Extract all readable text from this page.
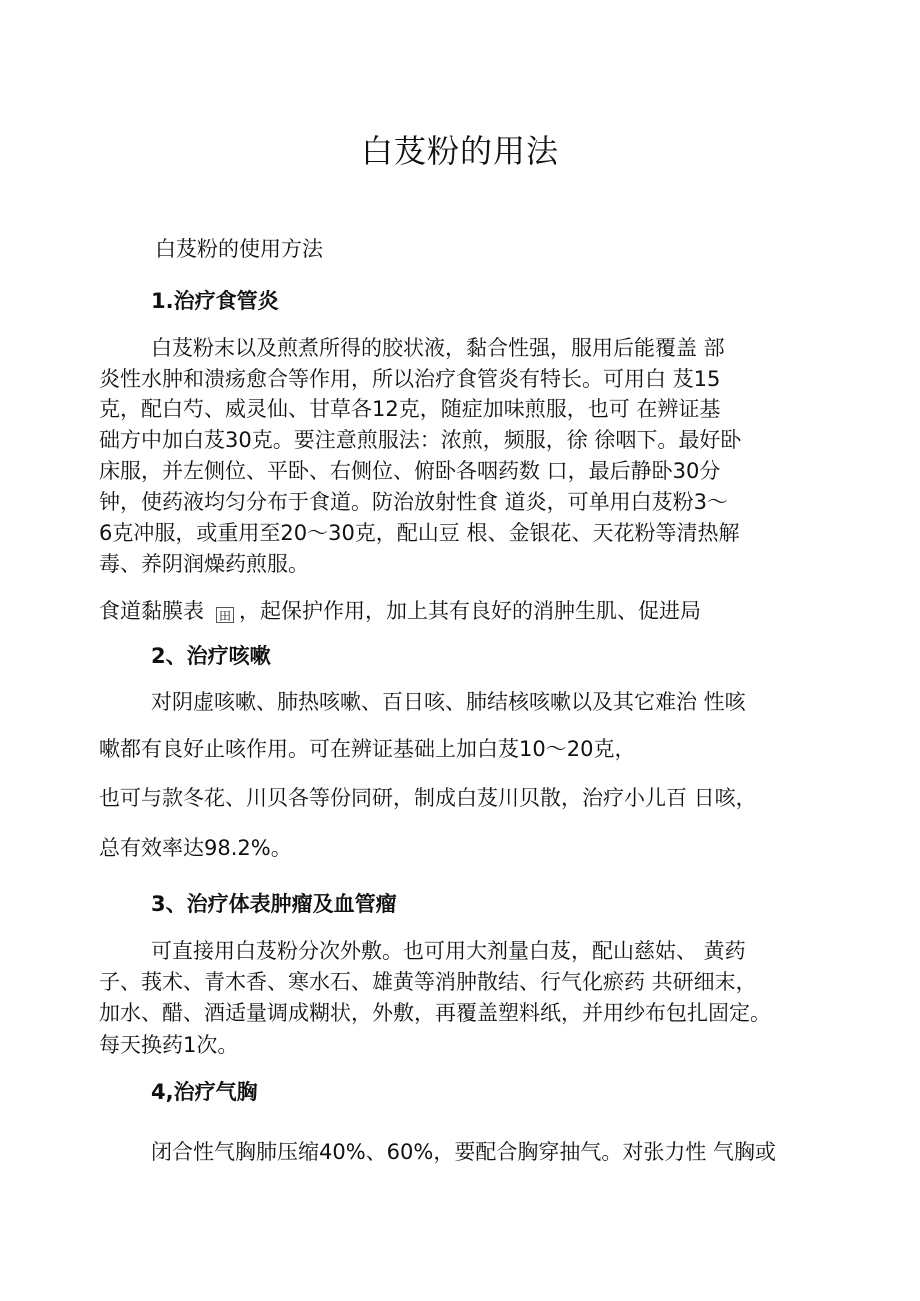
白芨粉的用法
白芨粉的使用方法
1.治疗食管炎
白芨粉末以及煎煮所得的胶状液，黏合性强，服用后能覆盖 部
炎性水肿和溃疡愈合等作用，所以治疗食管炎有特长。可用白 芨15
克，配白芍、威灵仙、甘草各12克，随症加味煎服，也可 在辨证基
础方中加白芨30克。要注意煎服法：浓煎，频服，徐 徐咽下。最好卧
床服，并左侧位、平卧、右侧位、俯卧各咽药数 口，最后静卧30分
钟，使药液均匀分布于食道。防治放射性食 道炎，可单用白芨粉3～
6克冲服，或重用至20～30克，配山豆 根、金银花、天花粉等清热解
毒、养阴润燥药煎服。
食道黏膜表 田 ，起保护作用，加上其有良好的消肿生肌、促进局
2、治疗咳嗽
对阴虚咳嗽、肺热咳嗽、百日咳、肺结核咳嗽以及其它难治 性咳
嗽都有良好止咳作用。可在辨证基础上加白芨10～20克，
也可与款冬花、川贝各等份同研，制成白芨川贝散，治疗小儿百 日咳，
总有效率达98.2%。
3、治疗体表肿瘤及血管瘤
可直接用白芨粉分次外敷。也可用大剂量白芨，配山慈姑、 黄药
子、莪术、青木香、寒水石、雄黄等消肿散结、行气化瘀药 共研细末，
加水、醋、酒适量调成糊状，外敷，再覆盖塑料纸，并用纱布包扎固定。
每天换药1次。
4,治疗气胸
闭合性气胸肺压缩40%、60%，要配合胸穿抽气。对张力性 气胸或
